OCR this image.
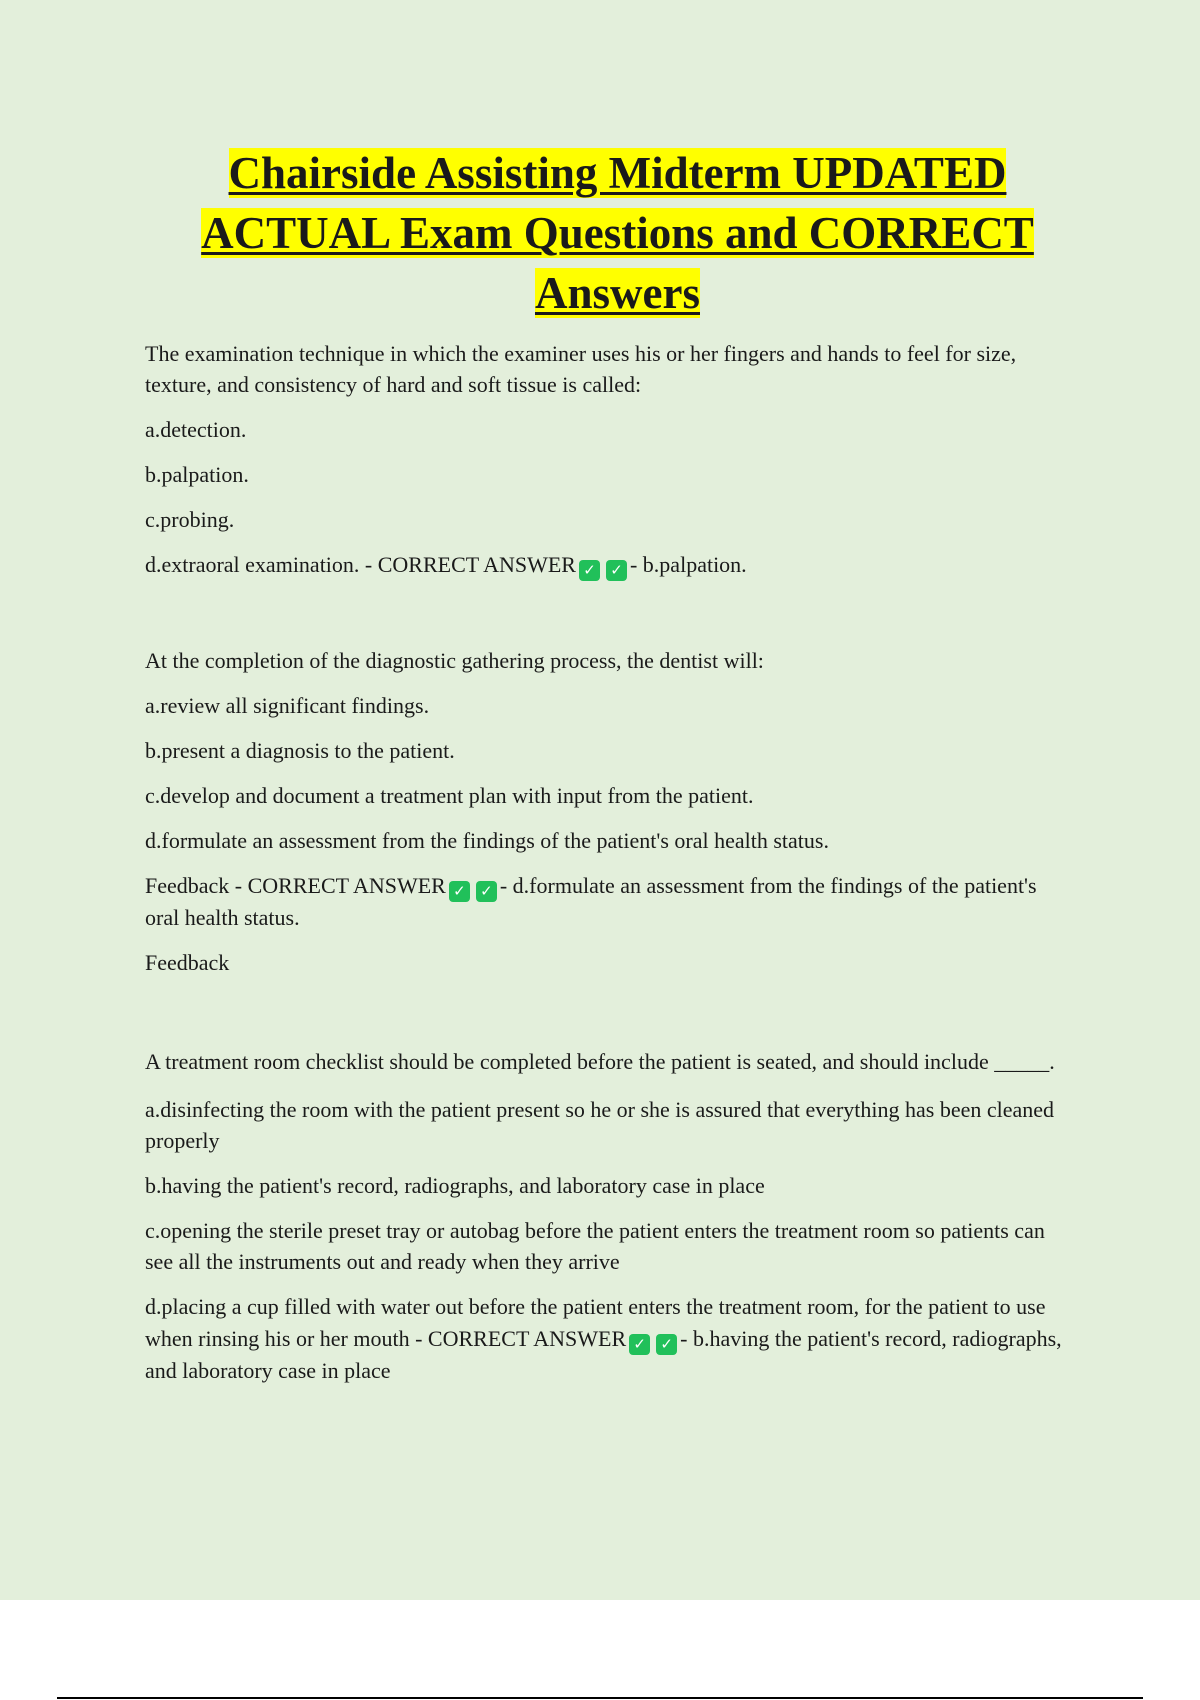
Chairside Assisting Midterm UPDATED ACTUAL Exam Questions and CORRECT Answers

The examination technique in which the examiner uses his or her fingers and hands to feel for size, texture, and consistency of hard and soft tissue is called:

a.detection.

b.palpation.

c.probing.

d.extraoral examination. - CORRECT ANSWER ✓ ✓ - b.palpation.

At the completion of the diagnostic gathering process, the dentist will:

a.review all significant findings.

b.present a diagnosis to the patient.

c.develop and document a treatment plan with input from the patient.

d.formulate an assessment from the findings of the patient's oral health status.

Feedback - CORRECT ANSWER ✓ ✓ - d.formulate an assessment from the findings of the patient's oral health status.

Feedback

A treatment room checklist should be completed before the patient is seated, and should include _____.

a.disinfecting the room with the patient present so he or she is assured that everything has been cleaned properly

b.having the patient's record, radiographs, and laboratory case in place

c.opening the sterile preset tray or autobag before the patient enters the treatment room so patients can see all the instruments out and ready when they arrive

d.placing a cup filled with water out before the patient enters the treatment room, for the patient to use when rinsing his or her mouth - CORRECT ANSWER ✓ ✓ - b.having the patient's record, radiographs, and laboratory case in place
